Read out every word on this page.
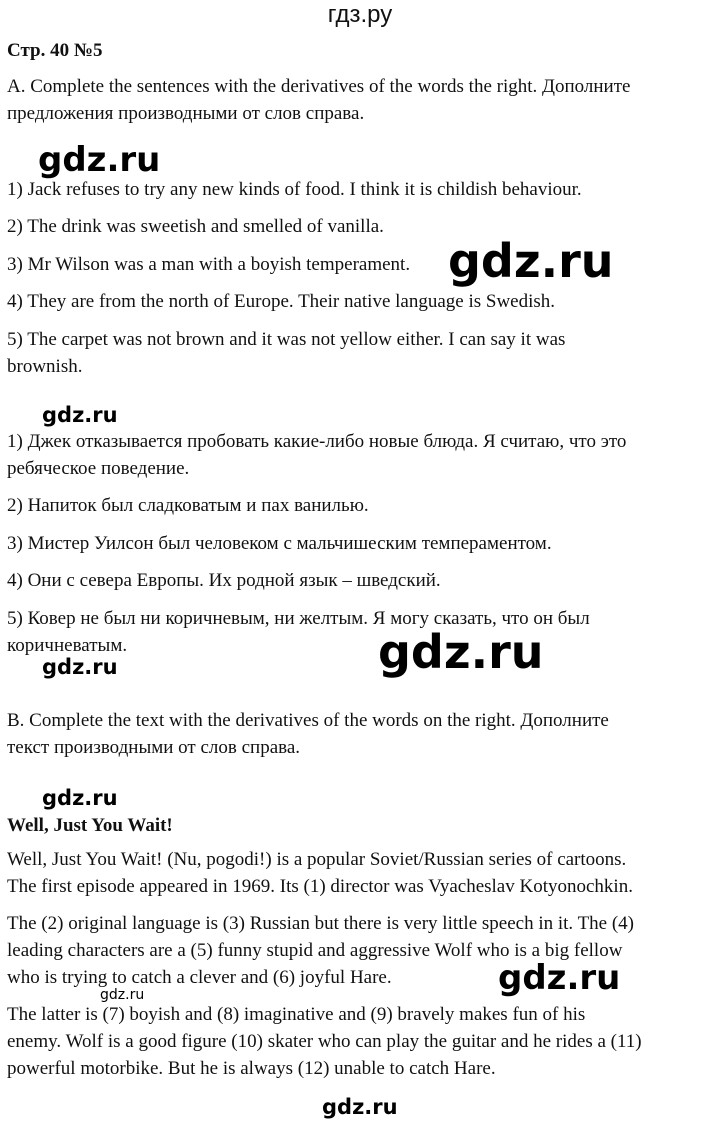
гдз.ру
Стр. 40 №5
A. Complete the sentences with the derivatives of the words the right. Дополните
предложения производными от слов справа.
1) Jack refuses to try any new kinds of food. I think it is childish behaviour.
2) The drink was sweetish and smelled of vanilla.
3) Mr Wilson was a man with a boyish temperament.
4) They are from the north of Europe. Their native language is Swedish.
5) The carpet was not brown and it was not yellow either. I can say it was
brownish.
1) Джек отказывается пробовать какие-либо новые блюда. Я считаю, что это
ребяческое поведение.
2) Напиток был сладковатым и пах ванилью.
3) Мистер Уилсон был человеком с мальчишеским темпераментом.
4) Они с севера Европы. Их родной язык – шведский.
5) Ковер не был ни коричневым, ни желтым. Я могу сказать, что он был
коричневатым.
B. Complete the text with the derivatives of the words on the right. Дополните
текст производными от слов справа.
Well, Just You Wait!
Well, Just You Wait! (Nu, pogodi!) is a popular Soviet/Russian series of cartoons.
The first episode appeared in 1969. Its (1) director was Vyacheslav Kotyonochkin.
The (2) original language is (3) Russian but there is very little speech in it. The (4)
leading characters are a (5) funny stupid and aggressive Wolf who is a big fellow
who is trying to catch a clever and (6) joyful Hare.
The latter is (7) boyish and (8) imaginative and (9) bravely makes fun of his
enemy. Wolf is a good figure (10) skater who can play the guitar and he rides a (11)
powerful motorbike. But he is always (12) unable to catch Hare.
gdz.ru
gdz.ru
gdz.ru
gdz.ru
gdz.ru
gdz.ru
gdz.ru
gdz.ru
gdz.ru
